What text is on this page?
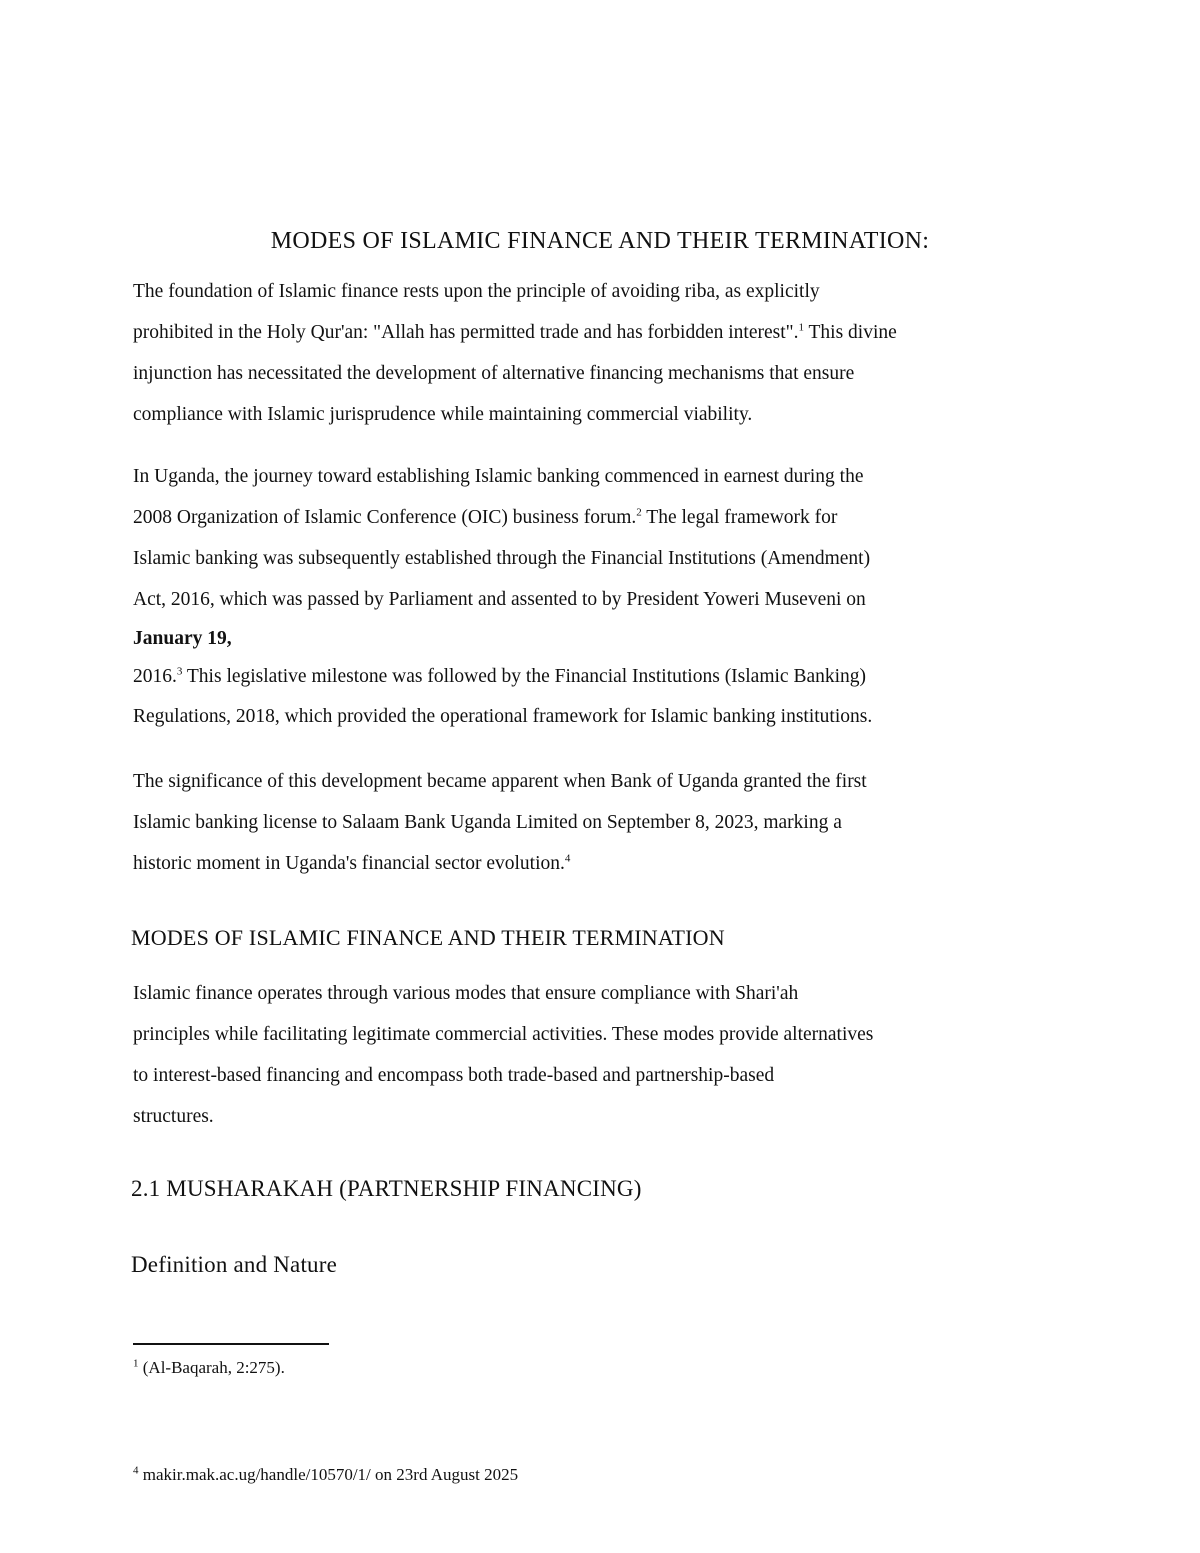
MODES OF ISLAMIC FINANCE AND THEIR TERMINATION:

The foundation of Islamic finance rests upon the principle of avoiding riba, as explicitly

prohibited in the Holy Qur'an: "Allah has permitted trade and has forbidden interest".$^1$ This divine

injunction has necessitated the development of alternative financing mechanisms that ensure

compliance with Islamic jurisprudence while maintaining commercial viability.

In Uganda, the journey toward establishing Islamic banking commenced in earnest during the

2008 Organization of Islamic Conference (OIC) business forum.$^2$ The legal framework for

Islamic banking was subsequently established through the Financial Institutions (Amendment)

Act, 2016, which was passed by Parliament and assented to by President Yoweri Museveni on

January 19,

2016.$^3$ This legislative milestone was followed by the Financial Institutions (Islamic Banking)

Regulations, 2018, which provided the operational framework for Islamic banking institutions.

The significance of this development became apparent when Bank of Uganda granted the first

Islamic banking license to Salaam Bank Uganda Limited on September 8, 2023, marking a

historic moment in Uganda's financial sector evolution.$^4$

MODES OF ISLAMIC FINANCE AND THEIR TERMINATION

Islamic finance operates through various modes that ensure compliance with Shari'ah

principles while facilitating legitimate commercial activities. These modes provide alternatives

to interest-based financing and encompass both trade-based and partnership-based

structures.

2.1 MUSHARAKAH (PARTNERSHIP FINANCING)
Definition and Nature
$^1$ (Al-Baqarah, 2:275).
$^4$ makir.mak.ac.ug/handle/10570/1/ on 23rd August 2025
